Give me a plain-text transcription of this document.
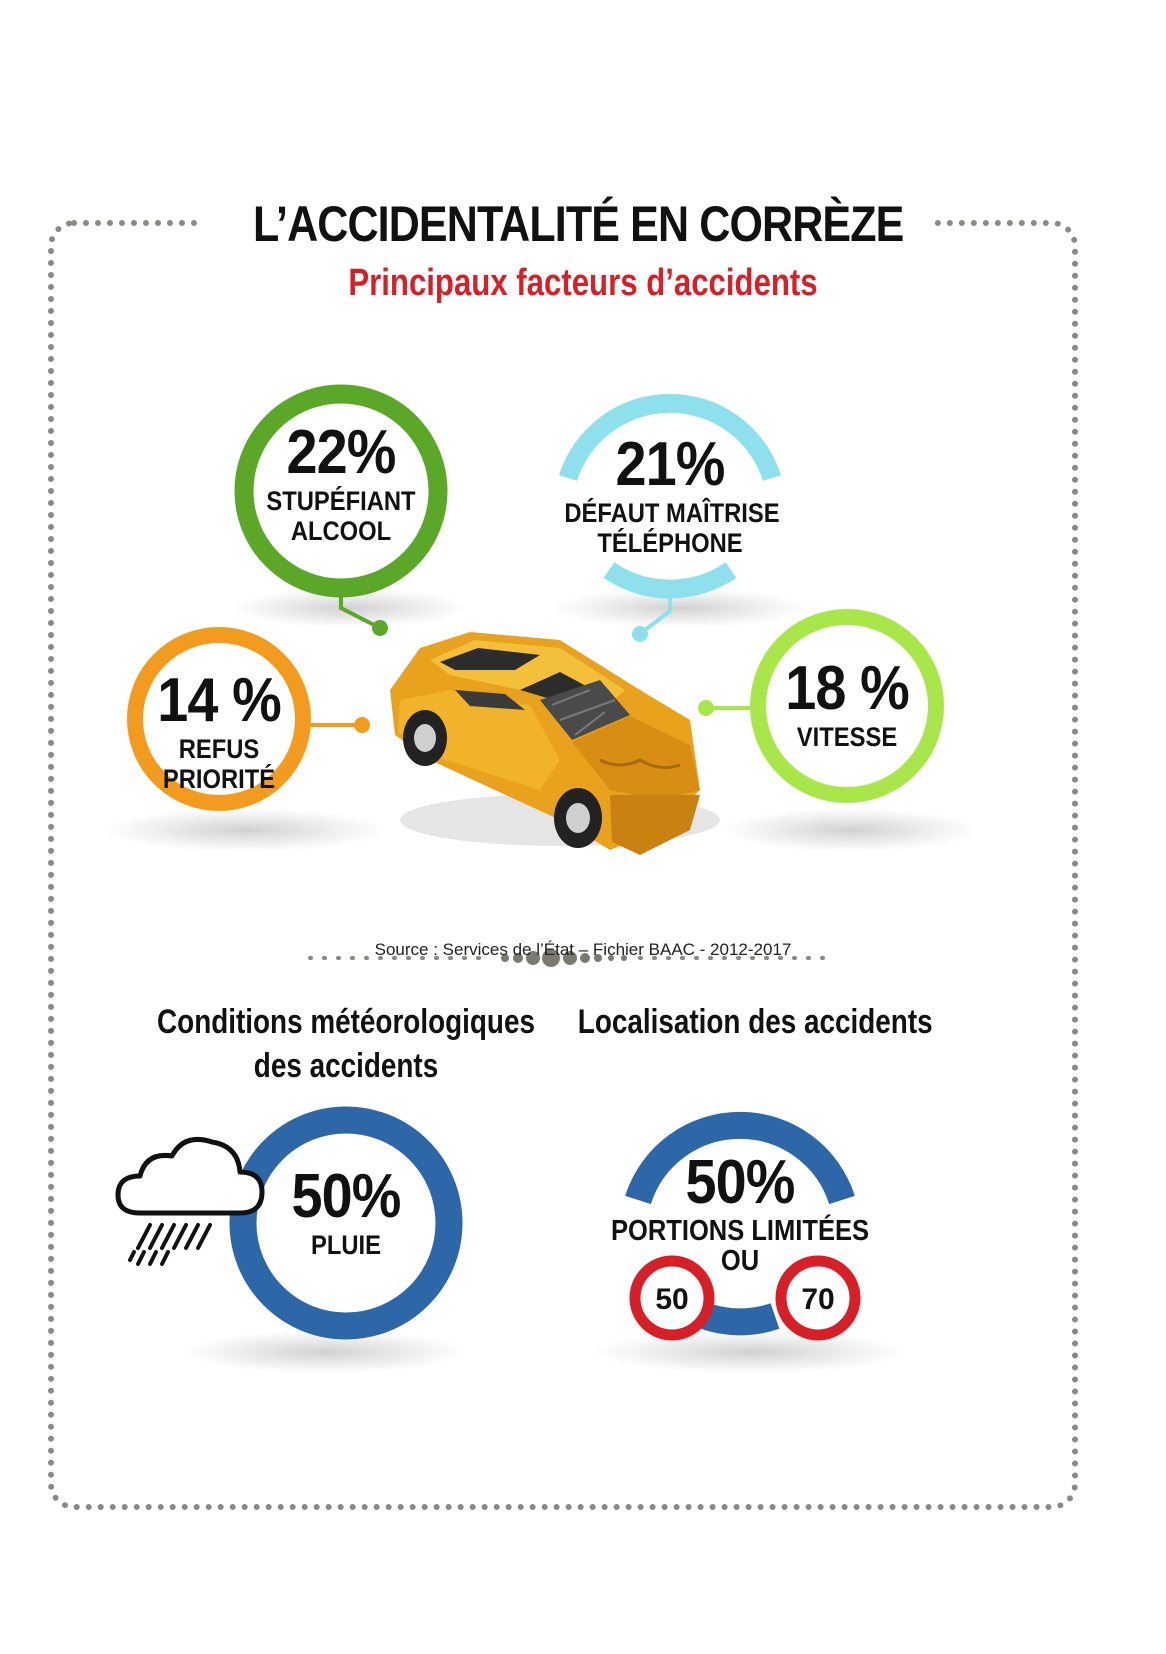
L’ACCIDENTALITÉ EN CORRÈZE
Principaux facteurs d’accidents
50	70
22%
STUPÉFIANT
ALCOOL
21%
DÉFAUT MAÎTRISE
TÉLÉPHONE
14 %
REFUS
PRIORITÉ
18 %
VITESSE
Source : Services de l’État – Fichier BAAC - 2012-2017
Conditions météorologiques
des accidents
50%
PLUIE
Localisation des accidents
50%
PORTIONS LIMITÉES
OU
